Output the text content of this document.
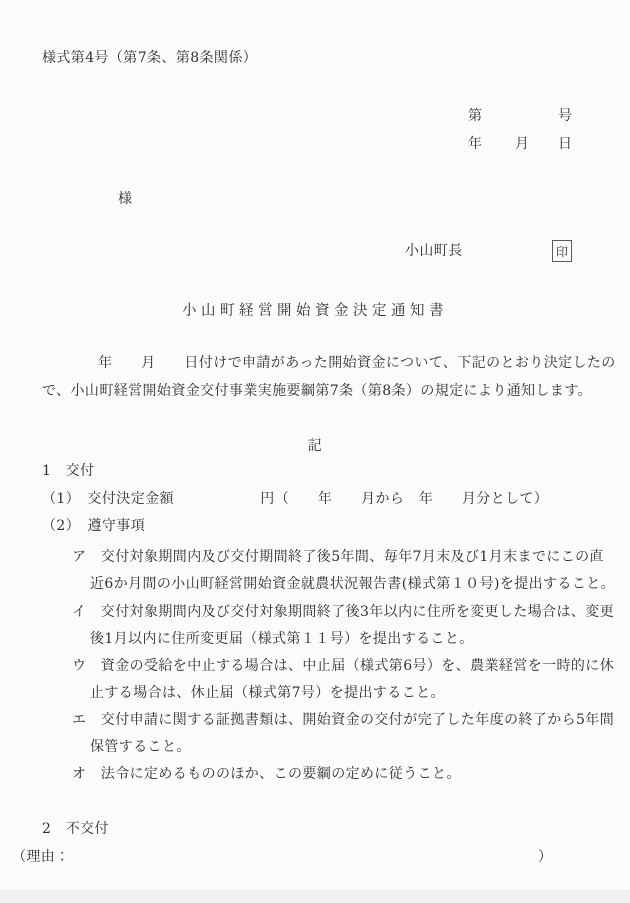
様式第4号（第7条、第8条関係）
第	号
年 月 日
様
小山町長	印
小山町経営開始資金決定通知書
年　　月　　日付けで申請があった開始資金について、下記のとおり決定したの
で、小山町経営開始資金交付事業実施要綱第7条（第8条）の規定により通知します。
記
1　交付
（1）　交付決定金額　　　　　　円（　　年　　月から　年　　月分として）
（2）　遵守事項
ア　交付対象期間内及び交付期間終了後5年間、毎年7月末及び1月末までにこの直
近6か月間の小山町経営開始資金就農状況報告書(様式第１０号)を提出すること。
イ　交付対象期間内及び交付対象期間終了後3年以内に住所を変更した場合は、変更
後1月以内に住所変更届（様式第１１号）を提出すること。
ウ　資金の受給を中止する場合は、中止届（様式第6号）を、農業経営を一時的に休
止する場合は、休止届（様式第7号）を提出すること。
エ　交付申請に関する証拠書類は、開始資金の交付が完了した年度の終了から5年間
保管すること。
オ　法令に定めるもののほか、この要綱の定めに従うこと。
2　不交付
（理由：	）
